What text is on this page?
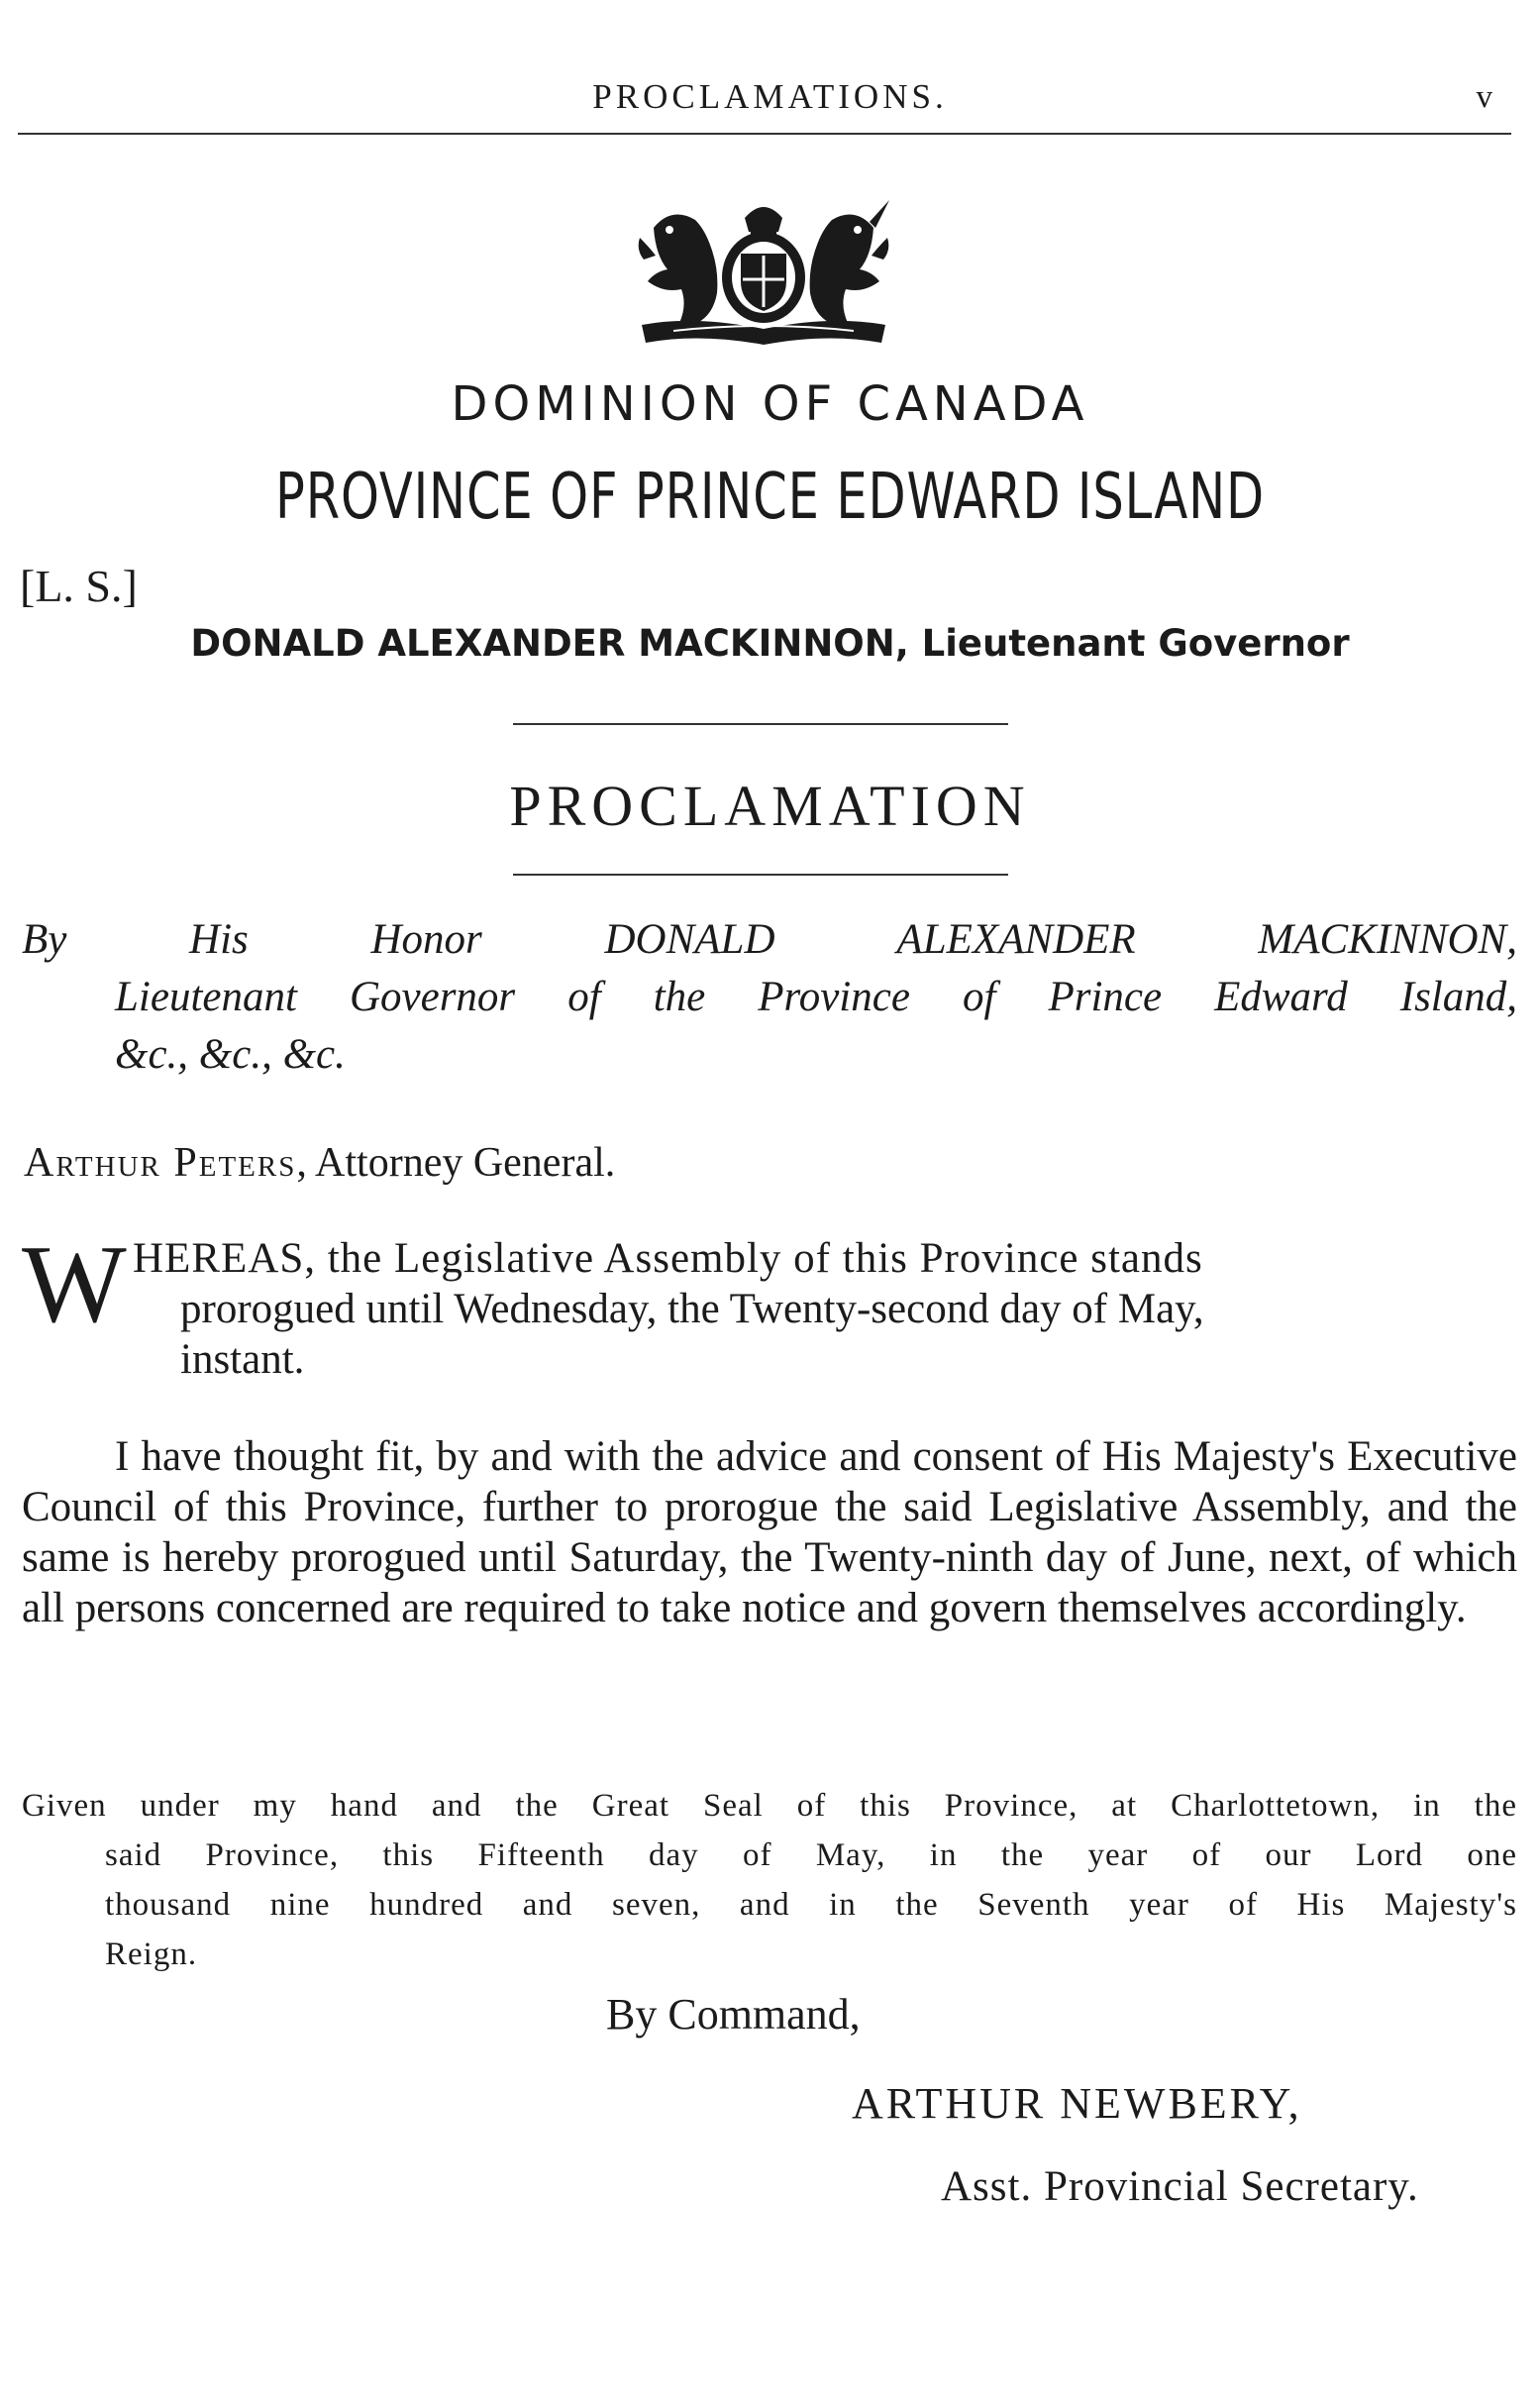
PROCLAMATIONS.	v
DOMINION OF CANADA
PROVINCE OF PRINCE EDWARD ISLAND
[L. S.]
DONALD ALEXANDER MACKINNON, Lieutenant Governor
PROCLAMATION
By His Honor DONALD ALEXANDER MACKINNON,
Lieutenant Governor of the Province of Prince Edward Island,
&c., &c., &c.
Arthur Peters, Attorney General.
W HEREAS, the Legislative Assembly of this Province stands
prorogued until Wednesday, the Twenty-second day of May,
instant.
I have thought fit, by and with the advice and consent of His Majesty's Executive Council of this Province, further to prorogue the said Legislative Assembly, and the same is hereby prorogued until Saturday, the Twenty-ninth day of June, next, of which all persons concerned are required to take notice and govern themselves accordingly.
Given under my hand and the Great Seal of this Province, at Charlottetown, in the
said Province, this Fifteenth day of May, in the year of our Lord one
thousand nine hundred and seven, and in the Seventh year of His Majesty's
Reign.
By Command,
ARTHUR NEWBERY,
Asst. Provincial Secretary.
